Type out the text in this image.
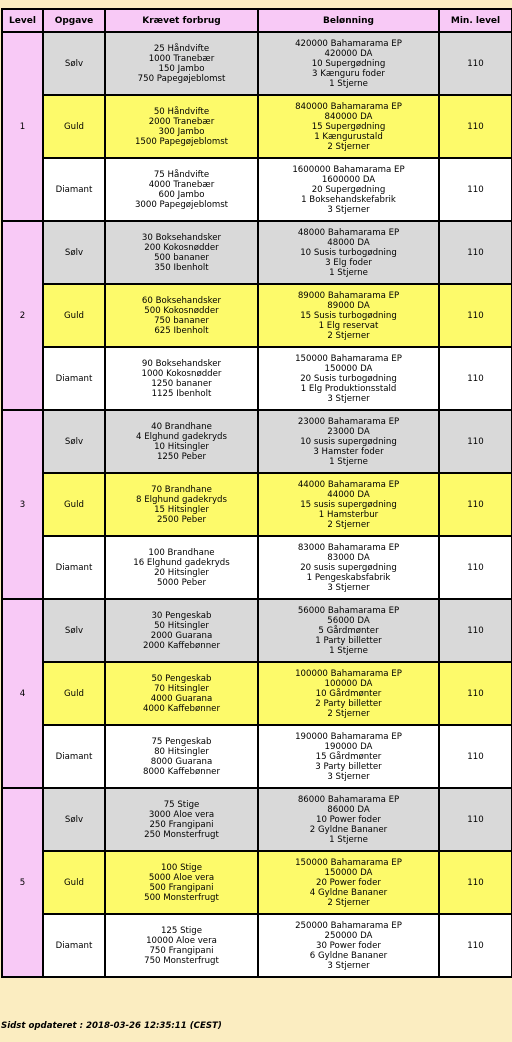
Level	Opgave	Krævet forbrug	Belønning	Min. level
1	Sølv	25 Håndvifte
1000 Tranebær
150 Jambo
750 Papegøjeblomst	420000 Bahamarama EP
420000 DA
10 Supergødning
3 Kænguru foder
1 Stjerne	110
	Guld	50 Håndvifte
2000 Tranebær
300 Jambo
1500 Papegøjeblomst	840000 Bahamarama EP
840000 DA
15 Supergødning
1 Kængurustald
2 Stjerner	110
	Diamant	75 Håndvifte
4000 Tranebær
600 Jambo
3000 Papegøjeblomst	1600000 Bahamarama EP
1600000 DA
20 Supergødning
1 Boksehandskefabrik
3 Stjerner	110
2	Sølv	30 Boksehandsker
200 Kokosnødder
500 bananer
350 Ibenholt	48000 Bahamarama EP
48000 DA
10 Susis turbogødning
3 Elg foder
1 Stjerne	110
	Guld	60 Boksehandsker
500 Kokosnødder
750 bananer
625 Ibenholt	89000 Bahamarama EP
89000 DA
15 Susis turbogødning
1 Elg reservat
2 Stjerner	110
	Diamant	90 Boksehandsker
1000 Kokosnødder
1250 bananer
1125 Ibenholt	150000 Bahamarama EP
150000 DA
20 Susis turbogødning
1 Elg Produktionsstald
3 Stjerner	110
3	Sølv	40 Brandhane
4 Elghund gadekryds
10 Hitsingler
1250 Peber	23000 Bahamarama EP
23000 DA
10 susis supergødning
3 Hamster foder
1 Stjerne	110
	Guld	70 Brandhane
8 Elghund gadekryds
15 Hitsingler
2500 Peber	44000 Bahamarama EP
44000 DA
15 susis supergødning
1 Hamsterbur
2 Stjerner	110
	Diamant	100 Brandhane
16 Elghund gadekryds
20 Hitsingler
5000 Peber	83000 Bahamarama EP
83000 DA
20 susis supergødning
1 Pengeskabsfabrik
3 Stjerner	110
4	Sølv	30 Pengeskab
50 Hitsingler
2000 Guarana
2000 Kaffebønner	56000 Bahamarama EP
56000 DA
5 Gårdmønter
1 Party billetter
1 Stjerne	110
	Guld	50 Pengeskab
70 Hitsingler
4000 Guarana
4000 Kaffebønner	100000 Bahamarama EP
100000 DA
10 Gårdmønter
2 Party billetter
2 Stjerner	110
	Diamant	75 Pengeskab
80 Hitsingler
8000 Guarana
8000 Kaffebønner	190000 Bahamarama EP
190000 DA
15 Gårdmønter
3 Party billetter
3 Stjerner	110
5	Sølv	75 Stige
3000 Aloe vera
250 Frangipani
250 Monsterfrugt	86000 Bahamarama EP
86000 DA
10 Power foder
2 Gyldne Bananer
1 Stjerne	110
	Guld	100 Stige
5000 Aloe vera
500 Frangipani
500 Monsterfrugt	150000 Bahamarama EP
150000 DA
20 Power foder
4 Gyldne Bananer
2 Stjerner	110
	Diamant	125 Stige
10000 Aloe vera
750 Frangipani
750 Monsterfrugt	250000 Bahamarama EP
250000 DA
30 Power foder
6 Gyldne Bananer
3 Stjerner	110
Sidst opdateret : 2018-03-26 12:35:11 (CEST)
